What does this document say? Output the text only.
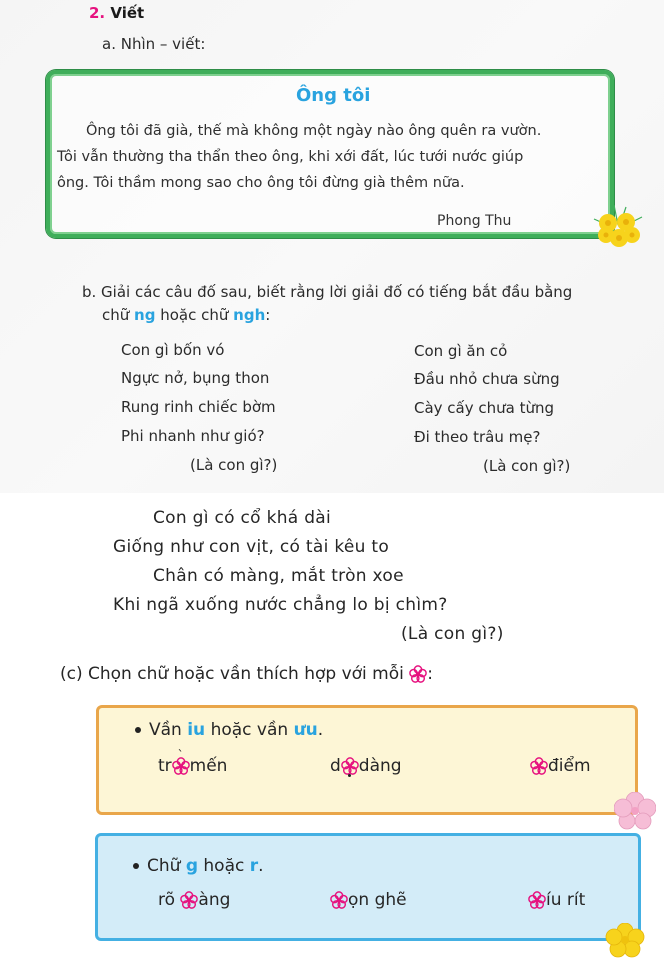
2. Viết
a. Nhìn – viết:
Ông tôi
Ông tôi đã già, thế mà không một ngày nào ông quên ra vườn.
Tôi vẫn thường tha thẩn theo ông, khi xới đất, lúc tưới nước giúp
ông. Tôi thầm mong sao cho ông tôi đừng già thêm nữa.
Phong Thu
b. Giải các câu đố sau, biết rằng lời giải đố có tiếng bắt đầu bằng
chữ ng hoặc chữ ngh:
Con gì bốn vó
Ngực nở, bụng thon
Rung rinh chiếc bờm
Phi nhanh như gió?
(Là con gì?)
Con gì ăn cỏ
Đầu nhỏ chưa sừng
Cày cấy chưa từng
Đi theo trâu mẹ?
(Là con gì?)
Con gì có cổ khá dài
Giống như con vịt, có tài kêu to
Chân có màng, mắt tròn xoe
Khi ngã xuống nước chẳng lo bị chìm?
(Là con gì?)
(c) Chọn chữ hoặc vần thích hợp với mỗi :
Vần iu hoặc vần ưu.
tr
`
mến	d dàng	điểm
Chữ g hoặc r.
rõ àng	ọn ghẽ	íu rít
